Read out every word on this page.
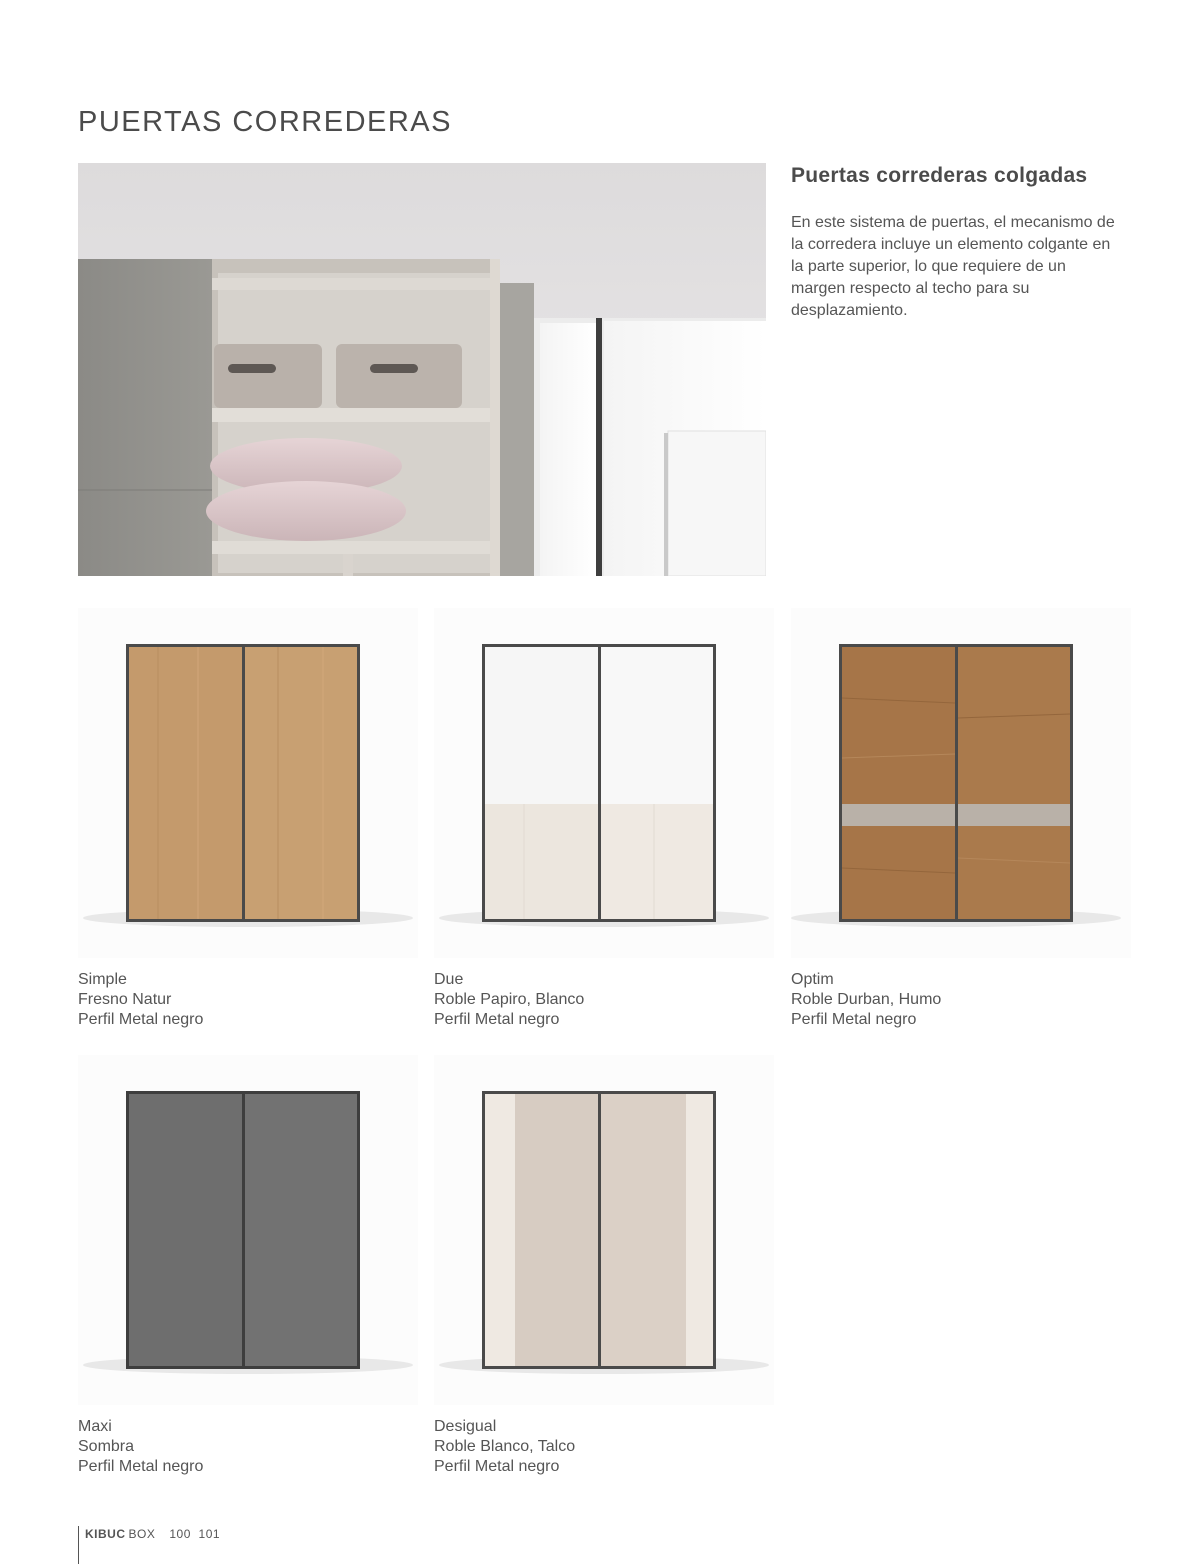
PUERTAS CORREDERAS
Puertas correderas colgadas

En este sistema de puertas, el mecanismo de la corredera incluye un elemento colgante en la parte superior, lo que requiere de un margen respecto al techo para su desplazamiento.

Simple
Fresno Natur
Perfil Metal negro
Due
Roble Papiro, Blanco
Perfil Metal negro
Optim
Roble Durban, Humo
Perfil Metal negro
Maxi
Sombra
Perfil Metal negro
Desigual
Roble Blanco, Talco
Perfil Metal negro
$^{KIBUC}$ $^{BOX}$ $^{100 101}$
